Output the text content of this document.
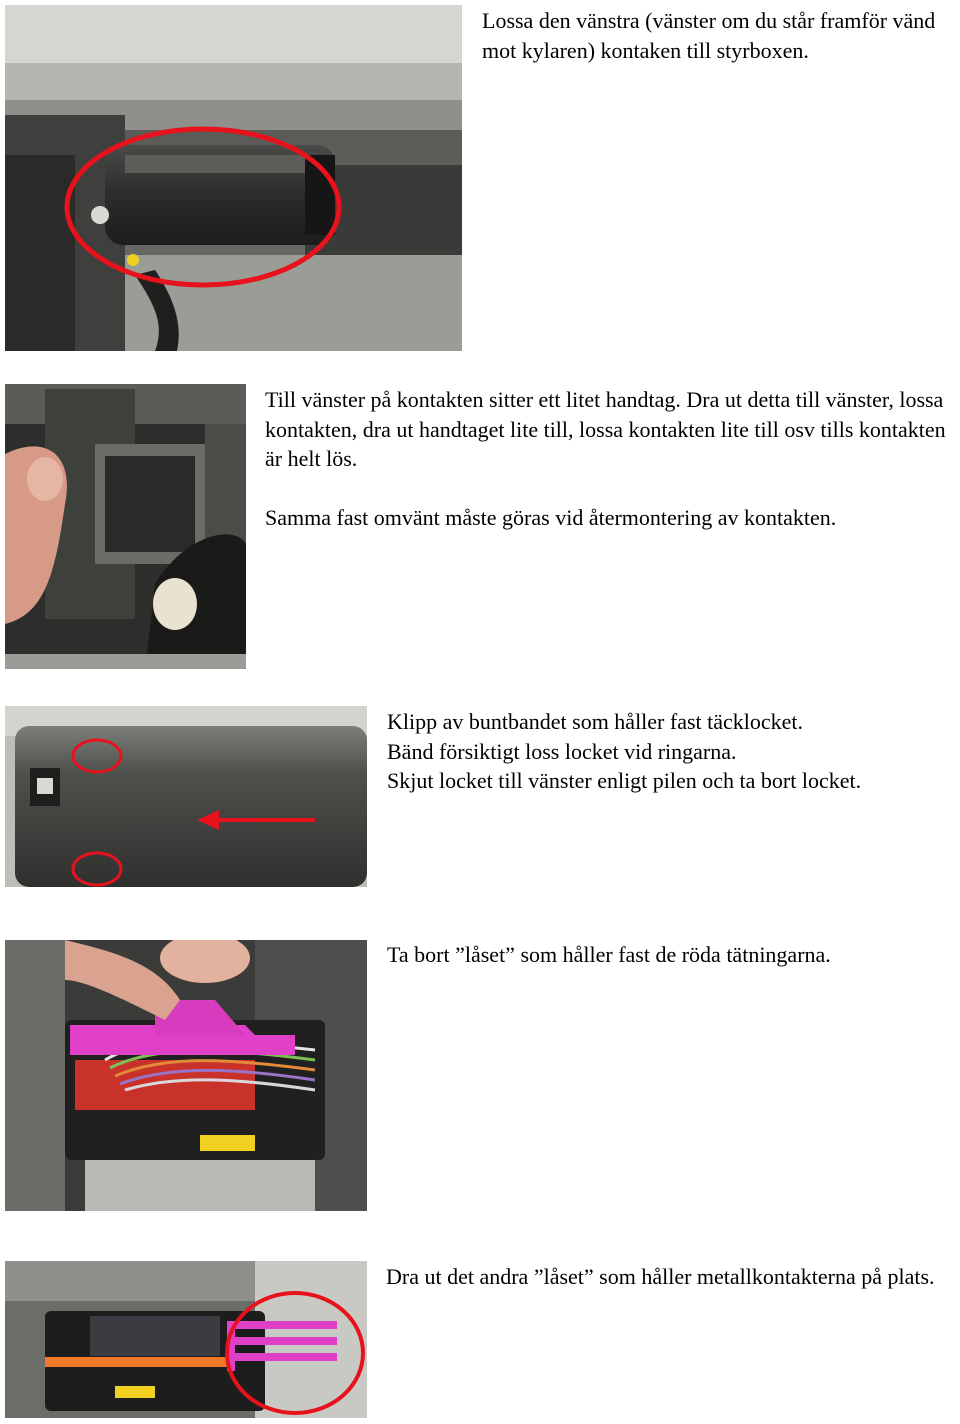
Lossa den vänstra (vänster om du står framför vänd mot kylaren) kontaken till styrboxen.

Till vänster på kontakten sitter ett litet handtag. Dra ut detta till vänster, lossa kontakten, dra ut handtaget lite till, lossa kontakten lite till osv tills kontakten är helt lös.

Samma fast omvänt måste göras vid återmontering av kontakten.

Klipp av buntbandet som håller fast täcklocket.

Bänd försiktigt loss locket vid ringarna.

Skjut locket till vänster enligt pilen och ta bort locket.

Ta bort ”låset” som håller fast de röda tätningarna.

Dra ut det andra ”låset” som håller metallkontakterna på plats.
